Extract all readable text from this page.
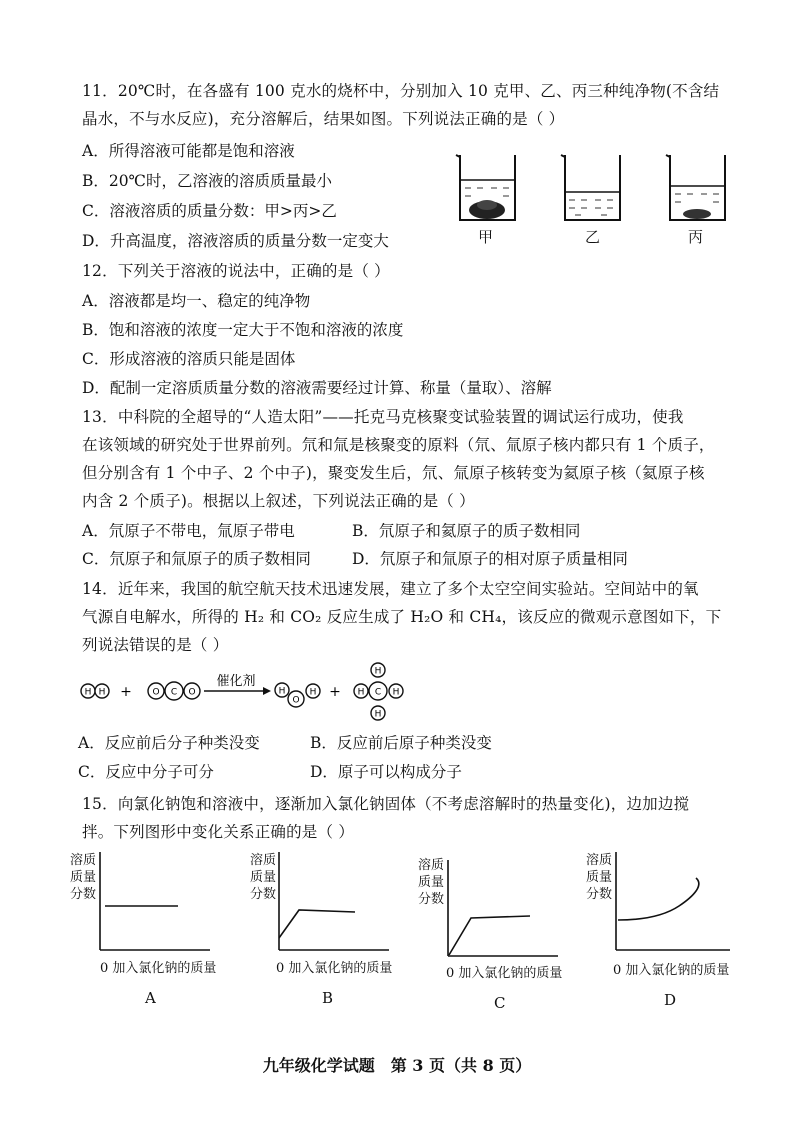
11．20℃时，在各盛有 100 克水的烧杯中，分别加入 10 克甲、乙、丙三种纯净物(不含结
晶水，不与水反应)，充分溶解后，结果如图。下列说法正确的是（ ）
A．所得溶液可能都是饱和溶液
B．20℃时，乙溶液的溶质质量最小
C．溶液溶质的质量分数：甲>丙>乙
D．升高温度，溶液溶质的质量分数一定变大	甲	乙	丙
12．下列关于溶液的说法中，正确的是（ ）
A．溶液都是均一、稳定的纯净物
B．饱和溶液的浓度一定大于不饱和溶液的浓度
C．形成溶液的溶质只能是固体
D．配制一定溶质质量分数的溶液需要经过计算、称量（量取）、溶解
13．中科院的全超导的“人造太阳”——托克马克核聚变试验装置的调试运行成功，使我
在该领域的研究处于世界前列。氘和氚是核聚变的原料（氘、氚原子核内都只有 1 个质子，
但分别含有 1 个中子、2 个中子)，聚变发生后，氘、氚原子核转变为氦原子核（氦原子核
内含 2 个质子)。根据以上叙述，下列说法正确的是（ ）
A．氘原子不带电，氚原子带电	B．氘原子和氦原子的质子数相同
C．氘原子和氚原子的质子数相同	D．氘原子和氚原子的相对原子质量相同
14．近年来，我国的航空航天技术迅速发展，建立了多个太空空间实验站。空间站中的氧
气源自电解水，所得的 H₂ 和 CO₂ 反应生成了 H₂O 和 CH₄，该反应的微观示意图如下，下
列说法错误的是（ ）
H H + O C O
催化剂
H
O
H +
H
H C H
H
A．反应前后分子种类没变	B．反应前后原子种类没变
C．反应中分子可分	D．原子可以构成分子
15．向氯化钠饱和溶液中，逐渐加入氯化钠固体（不考虑溶解时的热量变化)，边加边搅
拌。下列图形中变化关系正确的是（ ）
溶质
质量
分数
0 加入氯化钠的质量
A
溶质
质量
分数
0 加入氯化钠的质量
B
溶质
质量
分数
0 加入氯化钠的质量
C
溶质
质量
分数
0 加入氯化钠的质量
D
九年级化学试题　第 3 页（共 8 页）
